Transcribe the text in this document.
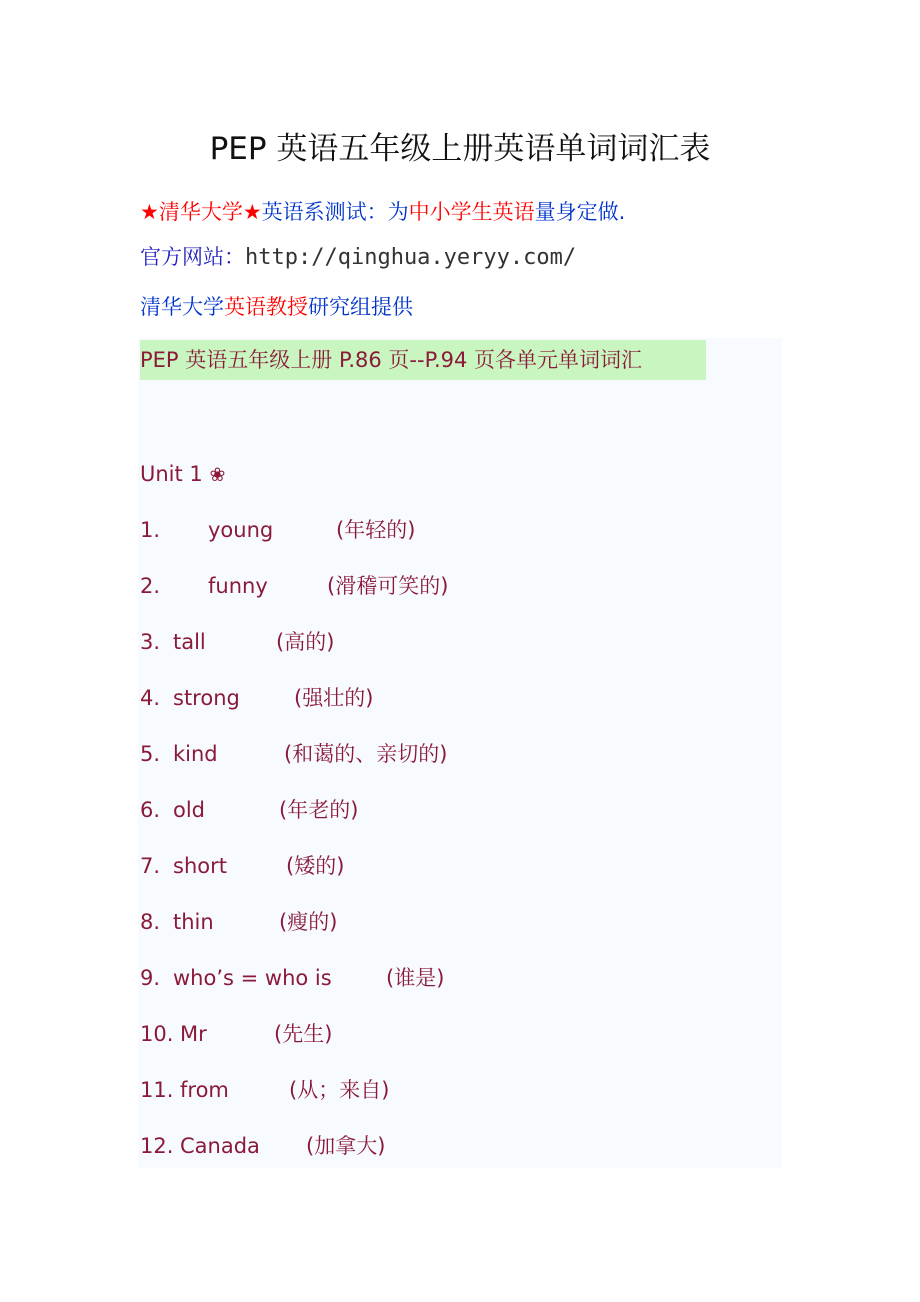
PEP 英语五年级上册英语单词词汇表
★清华大学★英语系测试：为中小学生英语量身定做.
官方网站：http://qinghua.yeryy.com/
清华大学英语教授研究组提供
PEP 英语五年级上册 P.86 页--P.94 页各单元单词词汇
Unit 1 ❀
1. young	(年轻的)
2. funny	(滑稽可笑的)
3. tall	(高的)
4. strong	(强壮的)
5. kind	(和蔼的、亲切的)
6. old	(年老的)
7. short	(矮的)
8. thin	(瘦的)
9. who’s = who is	(谁是)
10. Mr	(先生)
11. from	(从；来自)
12. Canada (加拿大)
